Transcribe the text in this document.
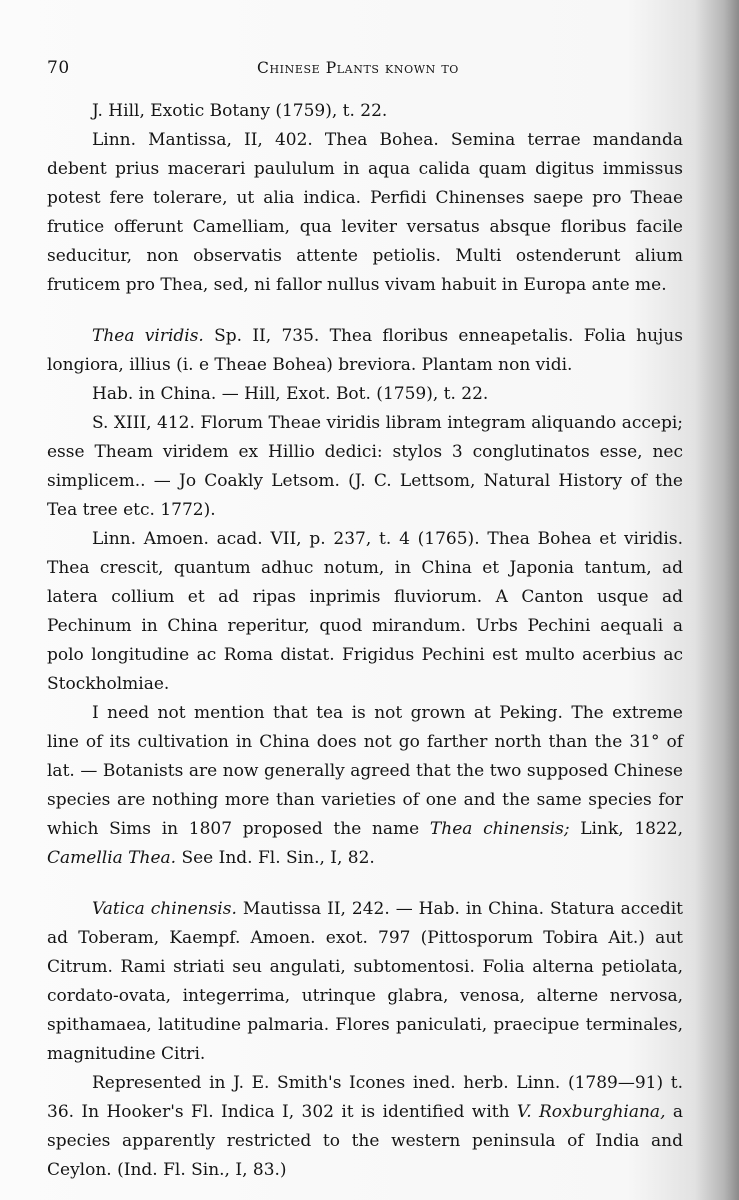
70	Chinese Plants known to

J. Hill, Exotic Botany (1759), t. 22.

Linn. Mantissa, II, 402. Thea Bohea. Semina terrae mandanda debent prius macerari paululum in aqua calida quam digitus immissus potest fere tolerare, ut alia indica. Perfidi Chinenses saepe pro Theae frutice offerunt Camelliam, qua leviter versatus absque floribus facile seducitur, non observatis attente petiolis. Multi ostenderunt alium fruticem pro Thea, sed, ni fallor nullus vivam habuit in Europa ante me.

Thea viridis. Sp. II, 735. Thea floribus enneapetalis. Folia hujus longiora, illius (i. e Theae Bohea) breviora. Plantam non vidi.

Hab. in China. — Hill, Exot. Bot. (1759), t. 22.

S. XIII, 412. Florum Theae viridis libram integram aliquando accepi; esse Theam viridem ex Hillio dedici: stylos 3 conglutinatos esse, nec simplicem.. — Jo Coakly Letsom. (J. C. Lettsom, Natural History of the Tea tree etc. 1772).

Linn. Amoen. acad. VII, p. 237, t. 4 (1765). Thea Bohea et viridis. Thea crescit, quantum adhuc notum, in China et Japonia tantum, ad latera collium et ad ripas inprimis fluviorum. A Canton usque ad Pechinum in China reperitur, quod mirandum. Urbs Pechini aequali a polo longitudine ac Roma distat. Frigidus Pechini est multo acerbius ac Stockholmiae.

I need not mention that tea is not grown at Peking. The extreme line of its cultivation in China does not go farther north than the 31° of lat. — Botanists are now generally agreed that the two supposed Chinese species are nothing more than varieties of one and the same species for which Sims in 1807 proposed the name Thea chinensis; Link, 1822, Camellia Thea. See Ind. Fl. Sin., I, 82.

Vatica chinensis. Mautissa II, 242. — Hab. in China. Statura accedit ad Toberam, Kaempf. Amoen. exot. 797 (Pittosporum Tobira Ait.) aut Citrum. Rami striati seu angulati, subtomentosi. Folia alterna petiolata, cordato-ovata, integerrima, utrinque glabra, venosa, alterne nervosa, spithamaea, latitudine palmaria. Flores paniculati, praecipue terminales, magnitudine Citri.

Represented in J. E. Smith's Icones ined. herb. Linn. (1789—91) t. 36. In Hooker's Fl. Indica I, 302 it is identified with V. Roxburghiana, a species apparently restricted to the western peninsula of India and Ceylon. (Ind. Fl. Sin., I, 83.)
